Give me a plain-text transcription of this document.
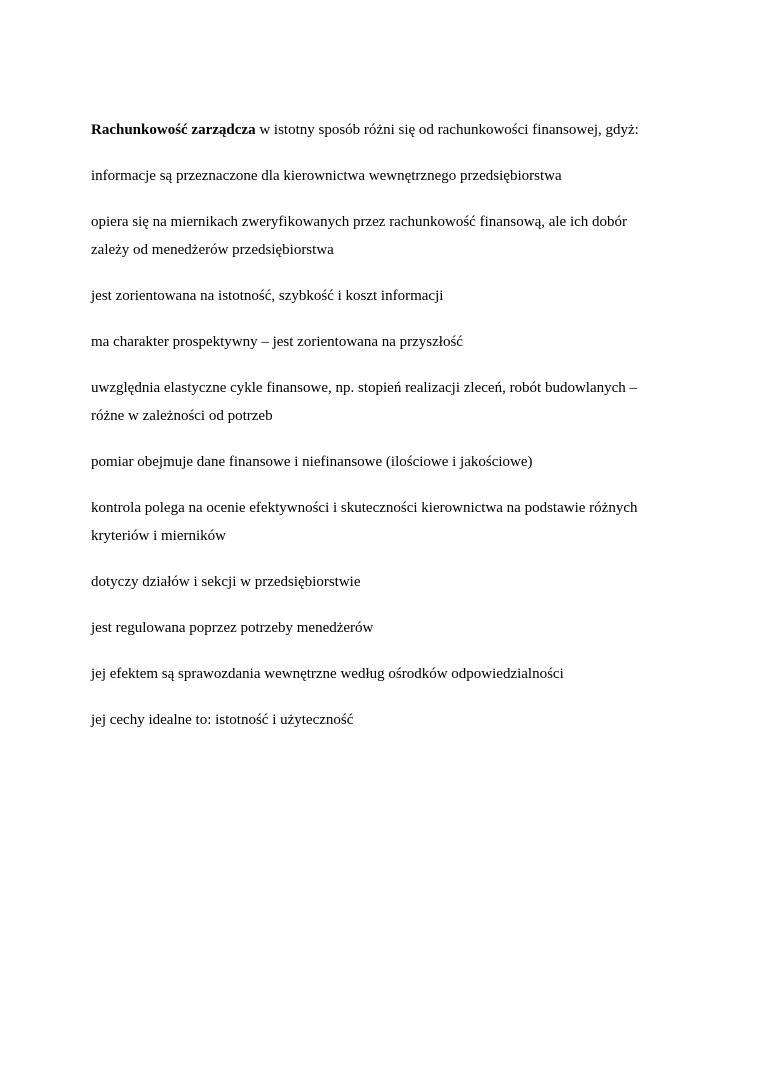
Rachunkowość zarządcza w istotny sposób różni się od rachunkowości finansowej, gdyż:

informacje są przeznaczone dla kierownictwa wewnętrznego przedsiębiorstwa

opiera się na miernikach zweryfikowanych przez rachunkowość finansową, ale ich dobór zależy od menedżerów przedsiębiorstwa

jest zorientowana na istotność, szybkość i koszt informacji

ma charakter prospektywny – jest zorientowana na przyszłość

uwzględnia elastyczne cykle finansowe, np. stopień realizacji zleceń, robót budowlanych – różne w zależności od potrzeb

pomiar obejmuje dane finansowe i niefinansowe (ilościowe i jakościowe)

kontrola polega na ocenie efektywności i skuteczności kierownictwa na podstawie różnych kryteriów i mierników

dotyczy działów i sekcji w przedsiębiorstwie

jest regulowana poprzez potrzeby menedżerów

jej efektem są sprawozdania wewnętrzne według ośrodków odpowiedzialności

jej cechy idealne to: istotność i użyteczność
